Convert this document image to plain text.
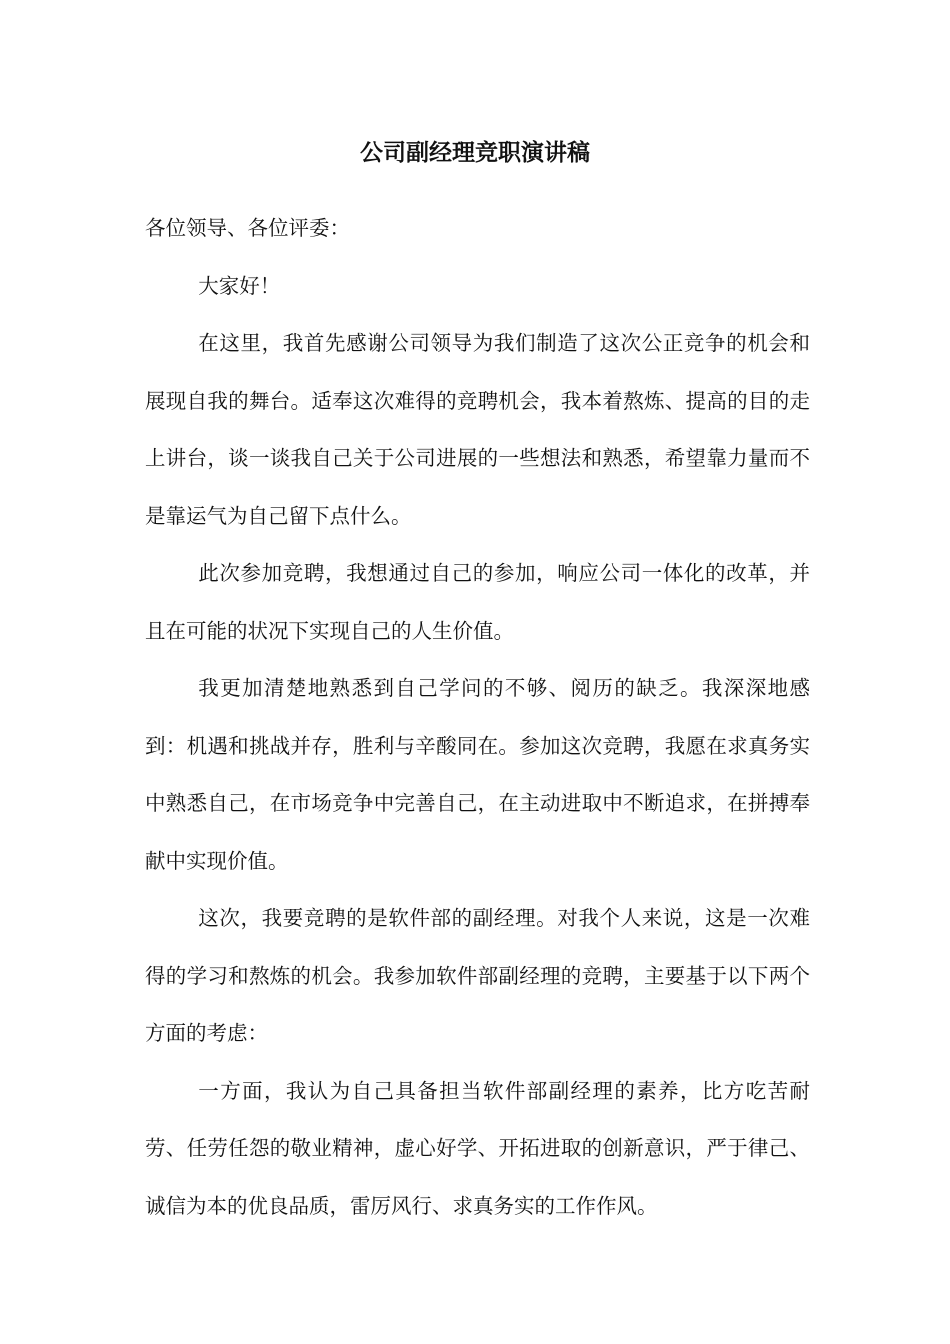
公司副经理竞职演讲稿

各位领导、各位评委：

大家好！

在这里，我首先感谢公司领导为我们制造了这次公正竞争的机会和展现自我的舞台。适奉这次难得的竞聘机会，我本着熬炼、提高的目的走上讲台，谈一谈我自己关于公司进展的一些想法和熟悉，希望靠力量而不是靠运气为自己留下点什么。

此次参加竞聘，我想通过自己的参加，响应公司一体化的改革，并且在可能的状况下实现自己的人生价值。

我更加清楚地熟悉到自己学问的不够、阅历的缺乏。我深深地感到：机遇和挑战并存，胜利与辛酸同在。参加这次竞聘，我愿在求真务实中熟悉自己，在市场竞争中完善自己，在主动进取中不断追求，在拼搏奉献中实现价值。

这次，我要竞聘的是软件部的副经理。对我个人来说，这是一次难得的学习和熬炼的机会。我参加软件部副经理的竞聘，主要基于以下两个方面的考虑：

一方面，我认为自己具备担当软件部副经理的素养，比方吃苦耐劳、任劳任怨的敬业精神，虚心好学、开拓进取的创新意识，严于律己、诚信为本的优良品质，雷厉风行、求真务实的工作作风。
